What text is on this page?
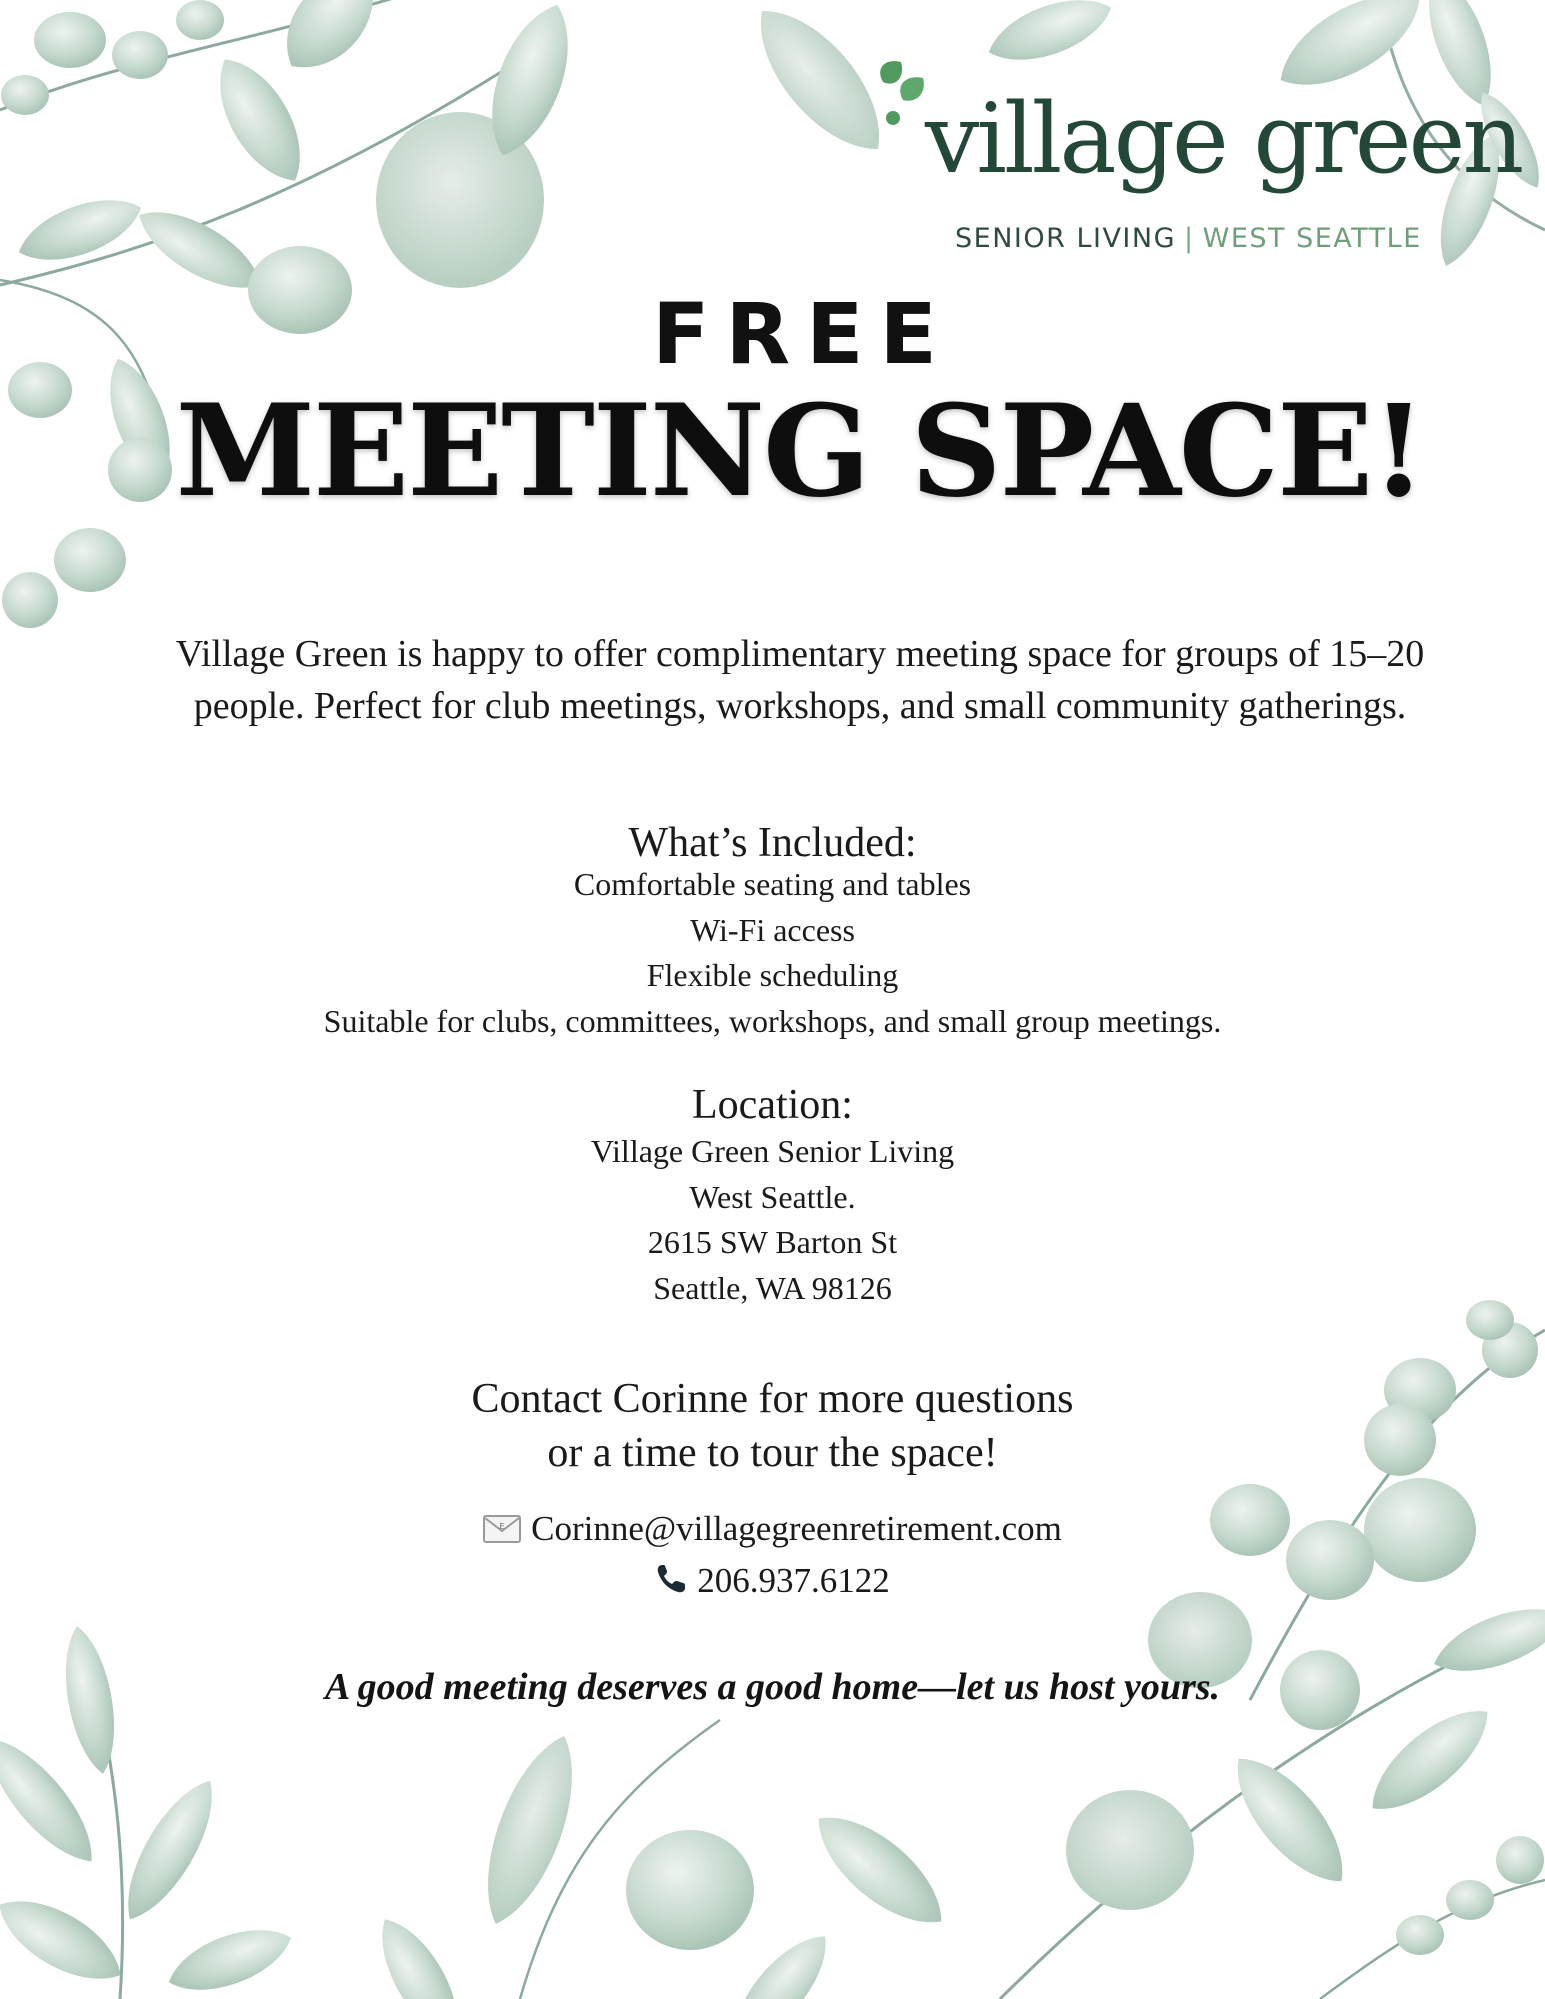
village green
SENIOR LIVING | WEST SEATTLE
FREE
MEETING SPACE!

Village Green is happy to offer complimentary meeting space for groups of 15–20 people. Perfect for club meetings, workshops, and small community gatherings.

What’s Included:
Comfortable seating and tables
Wi-Fi access
Flexible scheduling
Suitable for clubs, committees, workshops, and small group meetings.
Location:
Village Green Senior Living
West Seattle.
2615 SW Barton St
Seattle, WA 98126
Contact Corinne for more questions
or a time to tour the space!
E Corinne@villagegreenretirement.com
206.937.6122
A good meeting deserves a good home—let us host yours.
